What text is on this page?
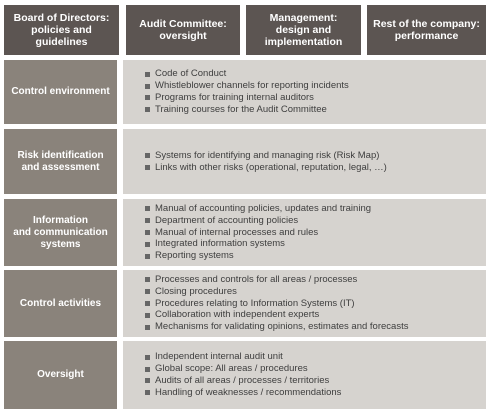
Board of Directors:
policies and
guidelines
Audit Committee:
oversight
Management:
design and
implementation
Rest of the company:
performance
Control environment
Code of Conduct
Whistleblower channels for reporting incidents
Programs for training internal auditors
Training courses for the Audit Committee
Risk identification
and assessment
Systems for identifying and managing risk (Risk Map)
Links with other risks (operational, reputation, legal, …)
Information
and communication
systems
Manual of accounting policies, updates and training
Department of accounting policies
Manual of internal processes and rules
Integrated information systems
Reporting systems
Control activities
Processes and controls for all areas / processes
Closing procedures
Procedures relating to Information Systems (IT)
Collaboration with independent experts
Mechanisms for validating opinions, estimates and forecasts
Oversight
Independent internal audit unit
Global scope: All areas / procedures
Audits of all areas / processes / territories
Handling of weaknesses / recommendations
